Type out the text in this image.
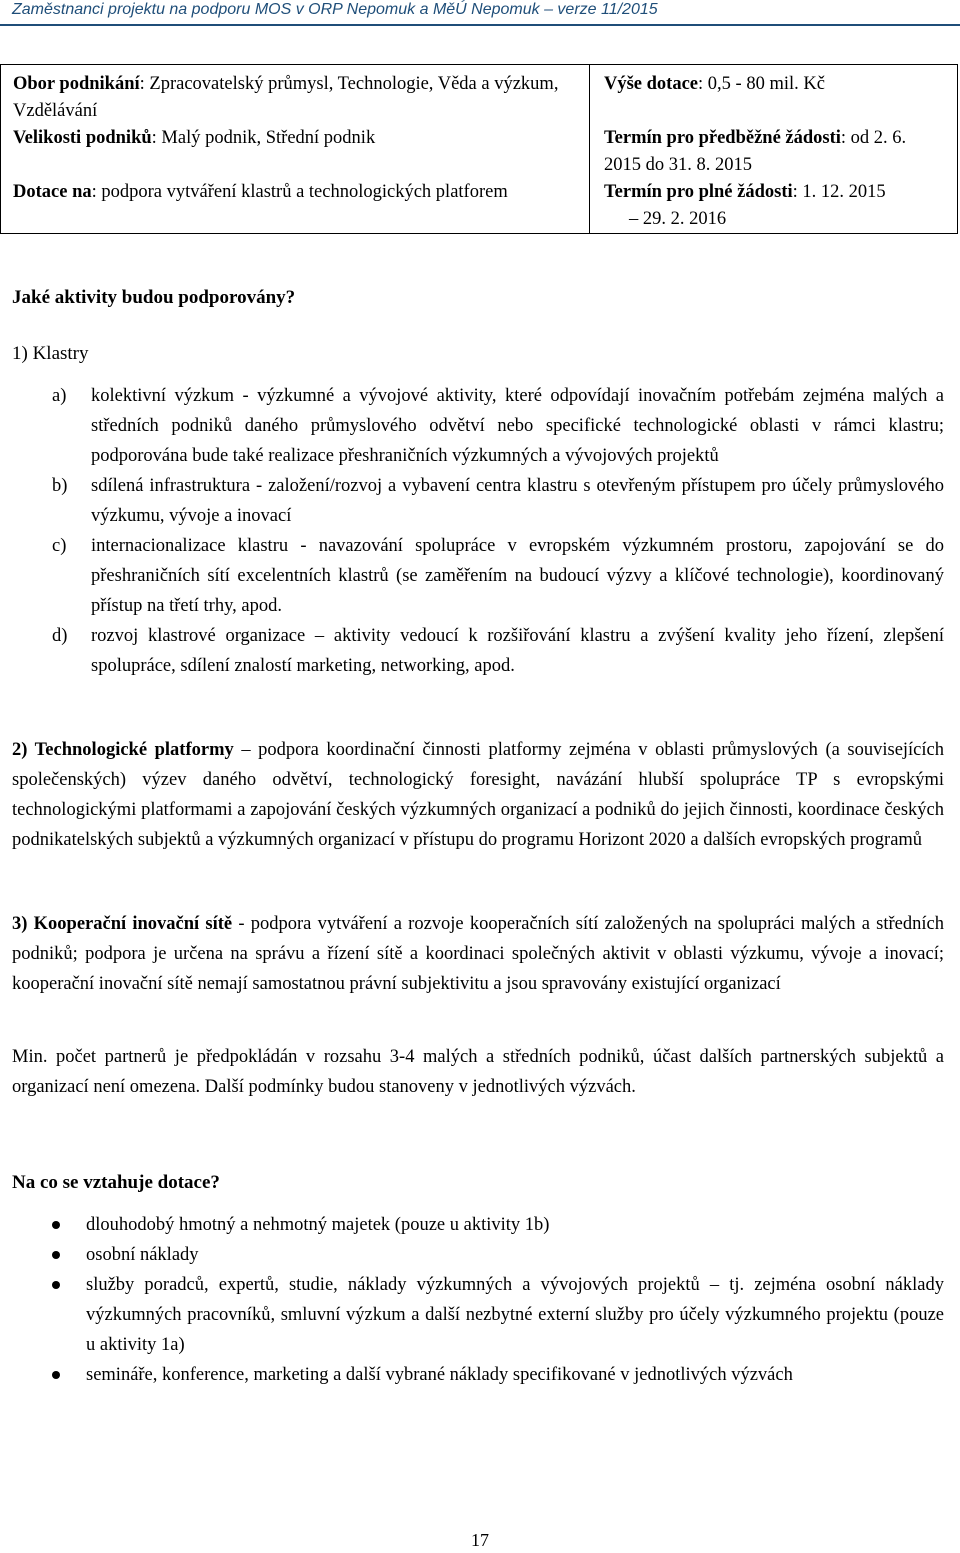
Zaměstnanci projektu na podporu MOS v ORP Nepomuk a MěÚ Nepomuk – verze 11/2015
Obor podnikání: Zpracovatelský průmysl, Technologie, Věda a výzkum, Vzdělávání
Velikosti podniků: Malý podnik, Střední podnik
Dotace na: podpora vytváření klastrů a technologických platforem

Výše dotace: 0,5 - 80 mil. Kč
Termín pro předběžné žádosti: od 2. 6. 2015 do 31. 8. 2015
Termín pro plné žádosti: 1. 12. 2015
– 29. 2. 2016
Jaké aktivity budou podporovány?
1) Klastry
a) kolektivní výzkum - výzkumné a vývojové aktivity, které odpovídají inovačním potřebám zejména malých a středních podniků daného průmyslového odvětví nebo specifické technologické oblasti v rámci klastru; podporována bude také realizace přeshraničních výzkumných a vývojových projektů
b) sdílená infrastruktura - založení/rozvoj a vybavení centra klastru s otevřeným přístupem pro účely průmyslového výzkumu, vývoje a inovací
c) internacionalizace klastru - navazování spolupráce v evropském výzkumném prostoru, zapojování se do přeshraničních sítí excelentních klastrů (se zaměřením na budoucí výzvy a klíčové technologie), koordinovaný přístup na třetí trhy, apod.
d) rozvoj klastrové organizace – aktivity vedoucí k rozšiřování klastru a zvýšení kvality jeho řízení, zlepšení spolupráce, sdílení znalostí marketing, networking, apod.
2) Technologické platformy – podpora koordinační činnosti platformy zejména v oblasti průmyslových (a souvisejících společenských) výzev daného odvětví, technologický foresight, navázání hlubší spolupráce TP s evropskými technologickými platformami a zapojování českých výzkumných organizací a podniků do jejich činnosti, koordinace českých podnikatelských subjektů a výzkumných organizací v přístupu do programu Horizont 2020 a dalších evropských programů
3) Kooperační inovační sítě - podpora vytváření a rozvoje kooperačních sítí založených na spolupráci malých a středních podniků; podpora je určena na správu a řízení sítě a koordinaci společných aktivit v oblasti výzkumu, vývoje a inovací; kooperační inovační sítě nemají samostatnou právní subjektivitu a jsou spravovány existující organizací
Min. počet partnerů je předpokládán v rozsahu 3-4 malých a středních podniků, účast dalších partnerských subjektů a organizací není omezena. Další podmínky budou stanoveny v jednotlivých výzvách.
Na co se vztahuje dotace?
dlouhodobý hmotný a nehmotný majetek (pouze u aktivity 1b)
osobní náklady
služby poradců, expertů, studie, náklady výzkumných a vývojových projektů – tj. zejména osobní náklady výzkumných pracovníků, smluvní výzkum a další nezbytné externí služby pro účely výzkumného projektu (pouze u aktivity 1a)
semináře, konference, marketing a další vybrané náklady specifikované v jednotlivých výzvách
17
